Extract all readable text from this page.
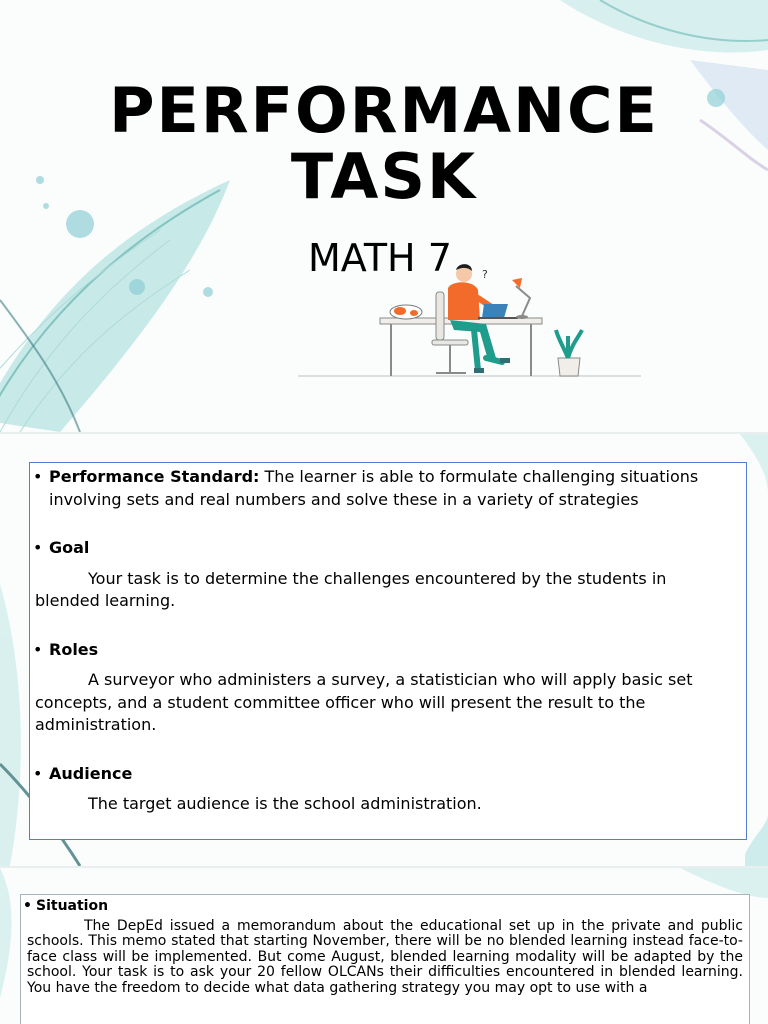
PERFORMANCE
TASK
MATH 7	?
• Performance Standard: The learner is able to formulate challenging situations involving sets and real numbers and solve these in a variety of strategies
• Goal
Your task is to determine the challenges encountered by the students in blended learning.
• Roles
A surveyor who administers a survey, a statistician who will apply basic set concepts, and a student committee officer who will present the result to the administration.
• Audience
The target audience is the school administration.
• Situation
The DepEd issued a memorandum about the educational set up in the private and public schools. This memo stated that starting November, there will be no blended learning instead face-to-face class will be implemented. But come August, blended learning modality will be adapted by the school. Your task is to ask your 20 fellow OLCANs their difficulties encountered in blended learning. You have the freedom to decide what data gathering strategy you may opt to use with a
